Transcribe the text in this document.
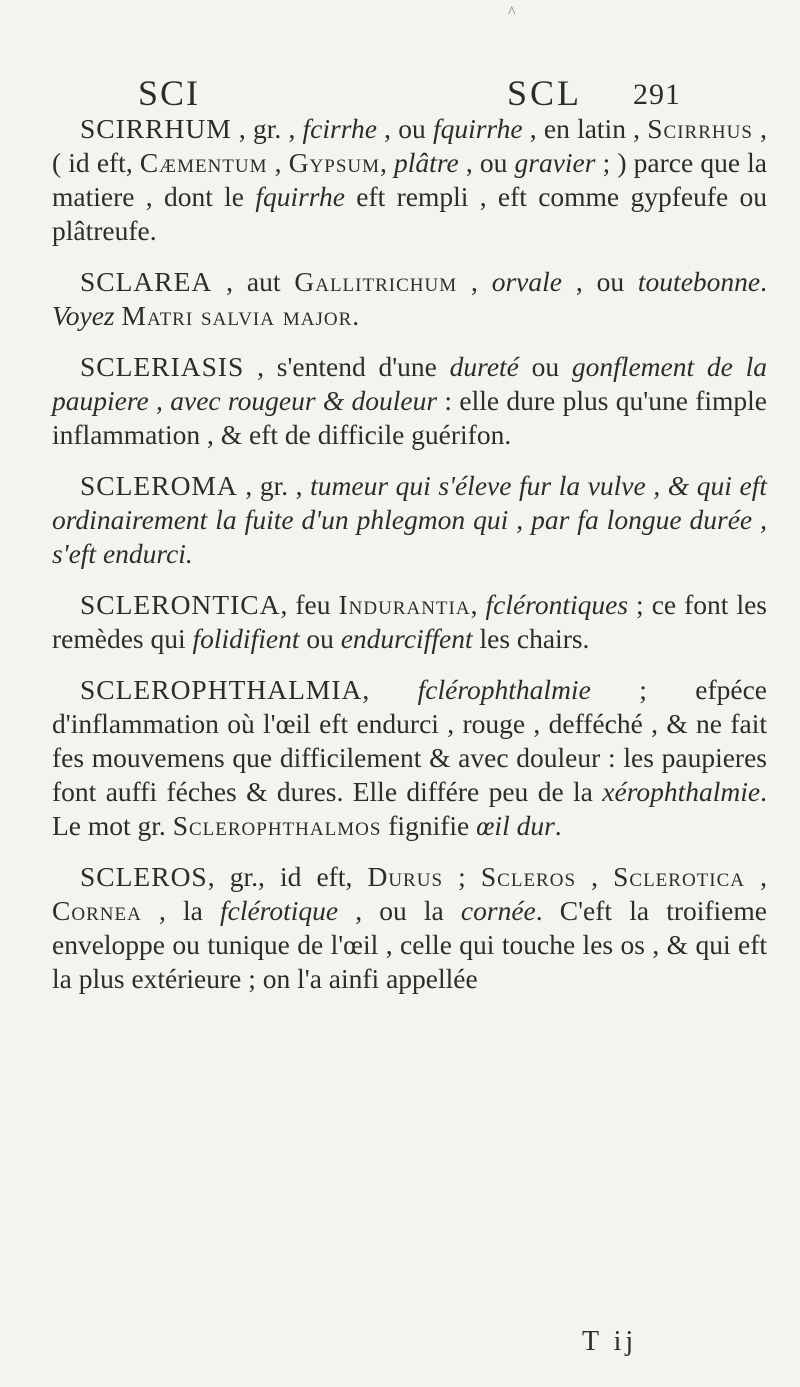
^
SCI	SCL 291

SCIRRHUM , gr. , fcirrhe , ou fquirrhe , en latin , Scirrhus , ( id eft, Cæmentum , Gypsum, plâtre , ou gravier ; ) parce que la matiere , dont le fquirrhe eft rempli , eft comme gypfeufe ou plâtreufe.

SCLAREA , aut Gallitrichum , orvale , ou toutebonne. Voyez Matri salvia major.

SCLERIASIS , s'entend d'une dureté ou gonflement de la paupiere , avec rougeur & douleur : elle dure plus qu'une fimple inflammation , & eft de difficile guérifon.

SCLEROMA , gr. , tumeur qui s'éleve fur la vulve , & qui eft ordinairement la fuite d'un phlegmon qui , par fa longue durée , s'eft endurci.

SCLERONTICA, feu Indurantia, fclérontiques ; ce font les remèdes qui folidifient ou endurciffent les chairs.

SCLEROPHTHALMIA, fclérophthalmie ; efpéce d'inflammation où l'œil eft endurci , rouge , defféché , & ne fait fes mouvemens que difficilement & avec douleur : les paupieres font auffi féches & dures. Elle différe peu de la xérophthalmie. Le mot gr. Sclerophthalmos fignifie œil dur.

SCLEROS, gr., id eft, Durus ; Scleros , Sclerotica , Cornea , la fclérotique , ou la cornée. C'eft la troifieme enveloppe ou tunique de l'œil , celle qui touche les os , & qui eft la plus extérieure ; on l'a ainfi appellée

T ij
